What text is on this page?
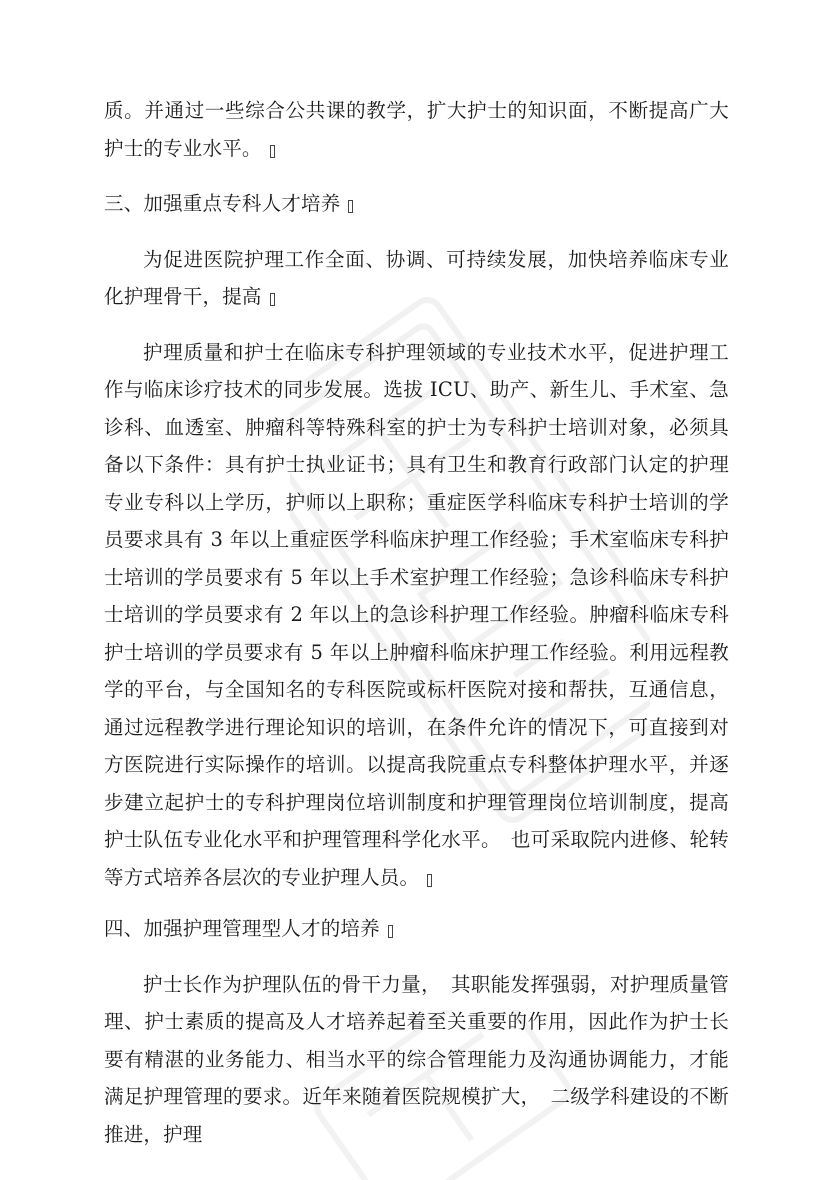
质。并通过一些综合公共课的教学，扩大护士的知识面，不断提高广大护士的专业水平。

三、加强重点专科人才培养

为促进医院护理工作全面、协调、可持续发展，加快培养临床专业化护理骨干，提高

护理质量和护士在临床专科护理领域的专业技术水平，促进护理工作与临床诊疗技术的同步发展。选拔 ICU、助产、新生儿、手术室、急诊科、血透室、肿瘤科等特殊科室的护士为专科护士培训对象，必须具备以下条件：具有护士执业证书；具有卫生和教育行政部门认定的护理专业专科以上学历，护师以上职称；重症医学科临床专科护士培训的学员要求具有 3 年以上重症医学科临床护理工作经验；手术室临床专科护士培训的学员要求有 5 年以上手术室护理工作经验；急诊科临床专科护士培训的学员要求有 2 年以上的急诊科护理工作经验。肿瘤科临床专科护士培训的学员要求有 5 年以上肿瘤科临床护理工作经验。利用远程教学的平台，与全国知名的专科医院或标杆医院对接和帮扶，互通信息，通过远程教学进行理论知识的培训，在条件允许的情况下，可直接到对方医院进行实际操作的培训。以提高我院重点专科整体护理水平，并逐步建立起护士的专科护理岗位培训制度和护理管理岗位培训制度，提高护士队伍专业化水平和护理管理科学化水平。　也可采取院内进修、轮转等方式培养各层次的专业护理人员。

四、加强护理管理型人才的培养

护士长作为护理队伍的骨干力量，　其职能发挥强弱，对护理质量管理、护士素质的提高及人才培养起着至关重要的作用，因此作为护士长要有精湛的业务能力、相当水平的综合管理能力及沟通协调能力，才能满足护理管理的要求。近年来随着医院规模扩大，　二级学科建设的不断推进，护理
